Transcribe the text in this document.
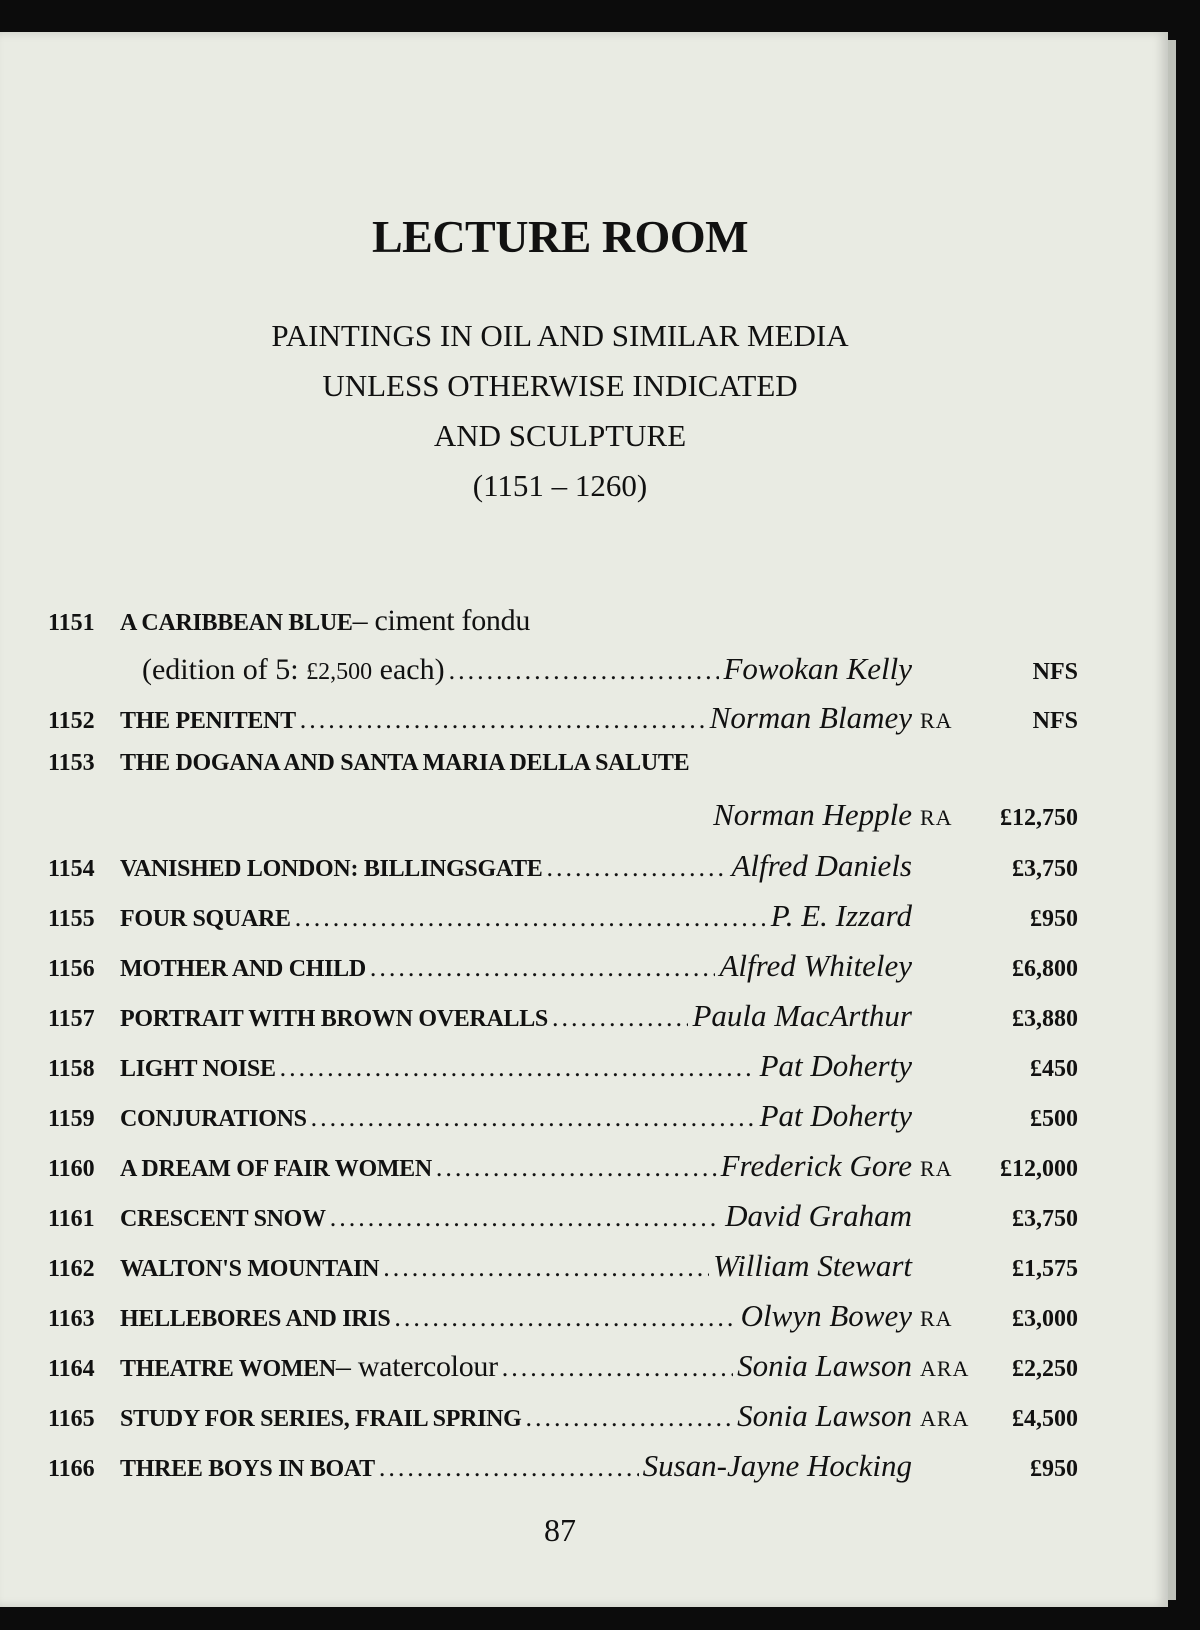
LECTURE ROOM
PAINTINGS IN OIL AND SIMILAR MEDIA
UNLESS OTHERWISE INDICATED
AND SCULPTURE
(1151 – 1260)
1151	A CARIBBEAN BLUE – ciment fondu
(edition of 5: £2,500 each) .....	Fowokan Kelly	NFS
1152	THE PENITENT .....	Norman Blamey RA	NFS
1153	THE DOGANA AND SANTA MARIA DELLA SALUTE
Norman Hepple RA	£12,750
1154	VANISHED LONDON: BILLINGSGATE .....	Alfred Daniels	£3,750
1155	FOUR SQUARE .....	P. E. Izzard	£950
1156	MOTHER AND CHILD .....	Alfred Whiteley	£6,800
1157	PORTRAIT WITH BROWN OVERALLS .....	Paula MacArthur	£3,880
1158	LIGHT NOISE .....	Pat Doherty	£450
1159	CONJURATIONS .....	Pat Doherty	£500
1160	A DREAM OF FAIR WOMEN .....	Frederick Gore RA	£12,000
1161	CRESCENT SNOW .....	David Graham	£3,750
1162	WALTON'S MOUNTAIN .....	William Stewart	£1,575
1163	HELLEBORES AND IRIS .....	Olwyn Bowey RA	£3,000
1164	THEATRE WOMEN – watercolour .....	Sonia Lawson ARA	£2,250
1165	STUDY FOR SERIES, FRAIL SPRING .....	Sonia Lawson ARA	£4,500
1166	THREE BOYS IN BOAT .....	Susan-Jayne Hocking	£950
87
